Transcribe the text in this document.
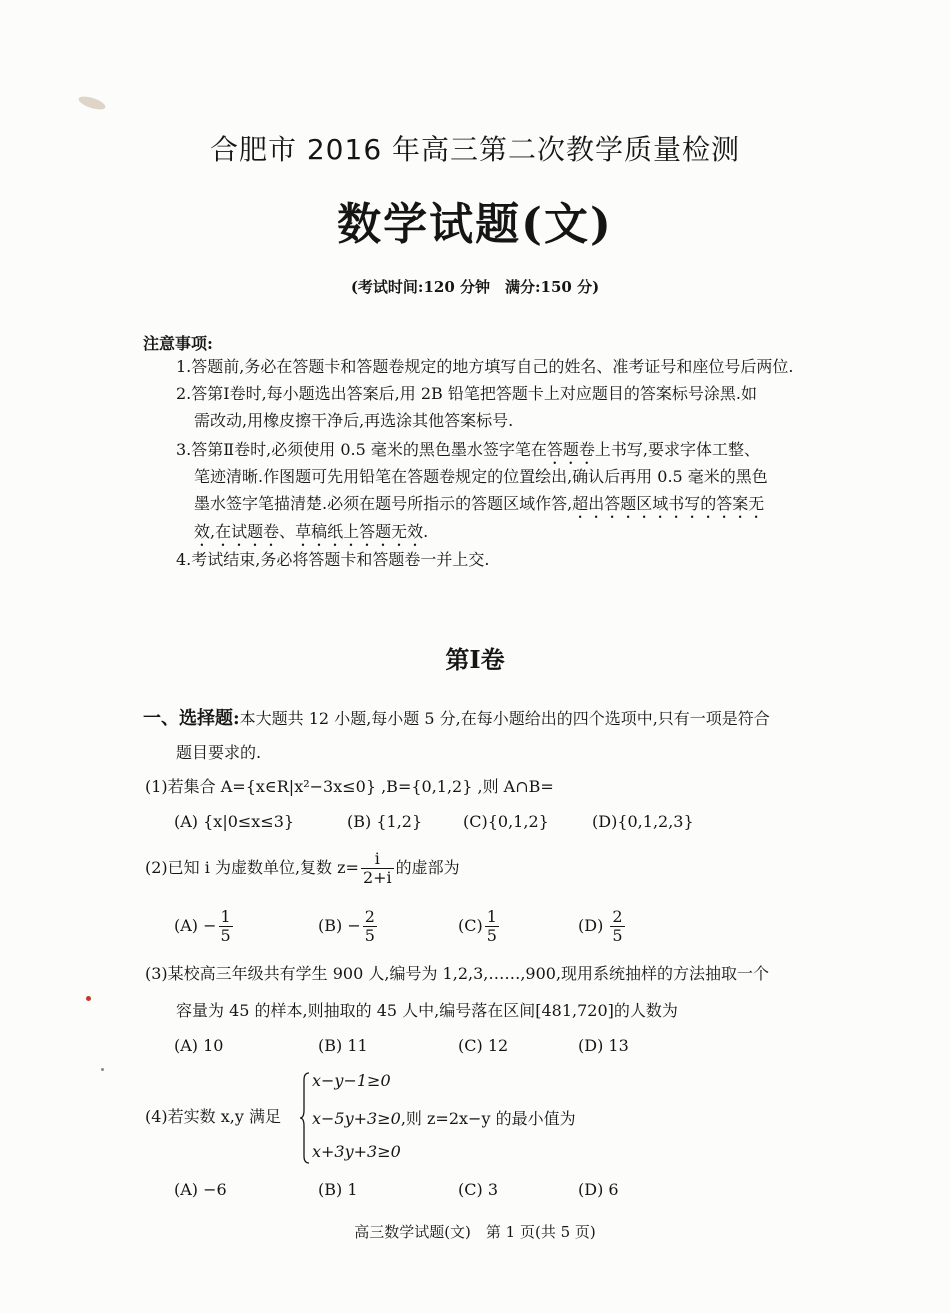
合肥市 2016 年高三第二次教学质量检测
数学试题(文)
(考试时间:120 分钟　满分:150 分)
注意事项:
1.答题前,务必在答题卡和答题卷规定的地方填写自己的姓名、准考证号和座位号后两位.
2.答第Ⅰ卷时,每小题选出答案后,用 2B 铅笔把答题卡上对应题目的答案标号涂黑.如
需改动,用橡皮擦干净后,再选涂其他答案标号.
3.答第Ⅱ卷时,必须使用 0.5 毫米的黑色墨水签字笔在答题卷上书写,要求字体工整、
笔迹清晰.作图题可先用铅笔在答题卷规定的位置绘出,确认后再用 0.5 毫米的黑色
墨水签字笔描清楚.必须在题号所指示的答题区域作答,超出答题区域书写的答案无
效,在试题卷、草稿纸上答题无效.
4.考试结束,务必将答题卡和答题卷一并上交.
第Ⅰ卷
一、选择题:本大题共 12 小题,每小题 5 分,在每小题给出的四个选项中,只有一项是符合
题目要求的.
(1)若集合 A={x∈R|x²−3x≤0} ,B={0,1,2} ,则 A∩B=
(A) {x|0≤x≤3}	(B) {1,2}	(C){0,1,2}	(D){0,1,2,3}
(2)已知 i 为虚数单位,复数 $z= \frac{i}{2+i}$ 的虚部为
$(A) - \frac{1}{5}$	$(B) - \frac{2}{5}$	$(C) \frac{1}{5}$	$(D) \frac{2}{5}$
(3)某校高三年级共有学生 900 人,编号为 1,2,3,……,900,现用系统抽样的方法抽取一个
容量为 45 的样本,则抽取的 45 人中,编号落在区间[481,720]的人数为
(A) 10	(B) 11	(C) 12	(D) 13
(4)若实数 x,y 满足
x−y−1≥0
x−5y+3≥0,则 z=2x−y 的最小值为
x+3y+3≥0
(A) −6	(B) 1	(C) 3	(D) 6
高三数学试题(文)　第 1 页(共 5 页)
